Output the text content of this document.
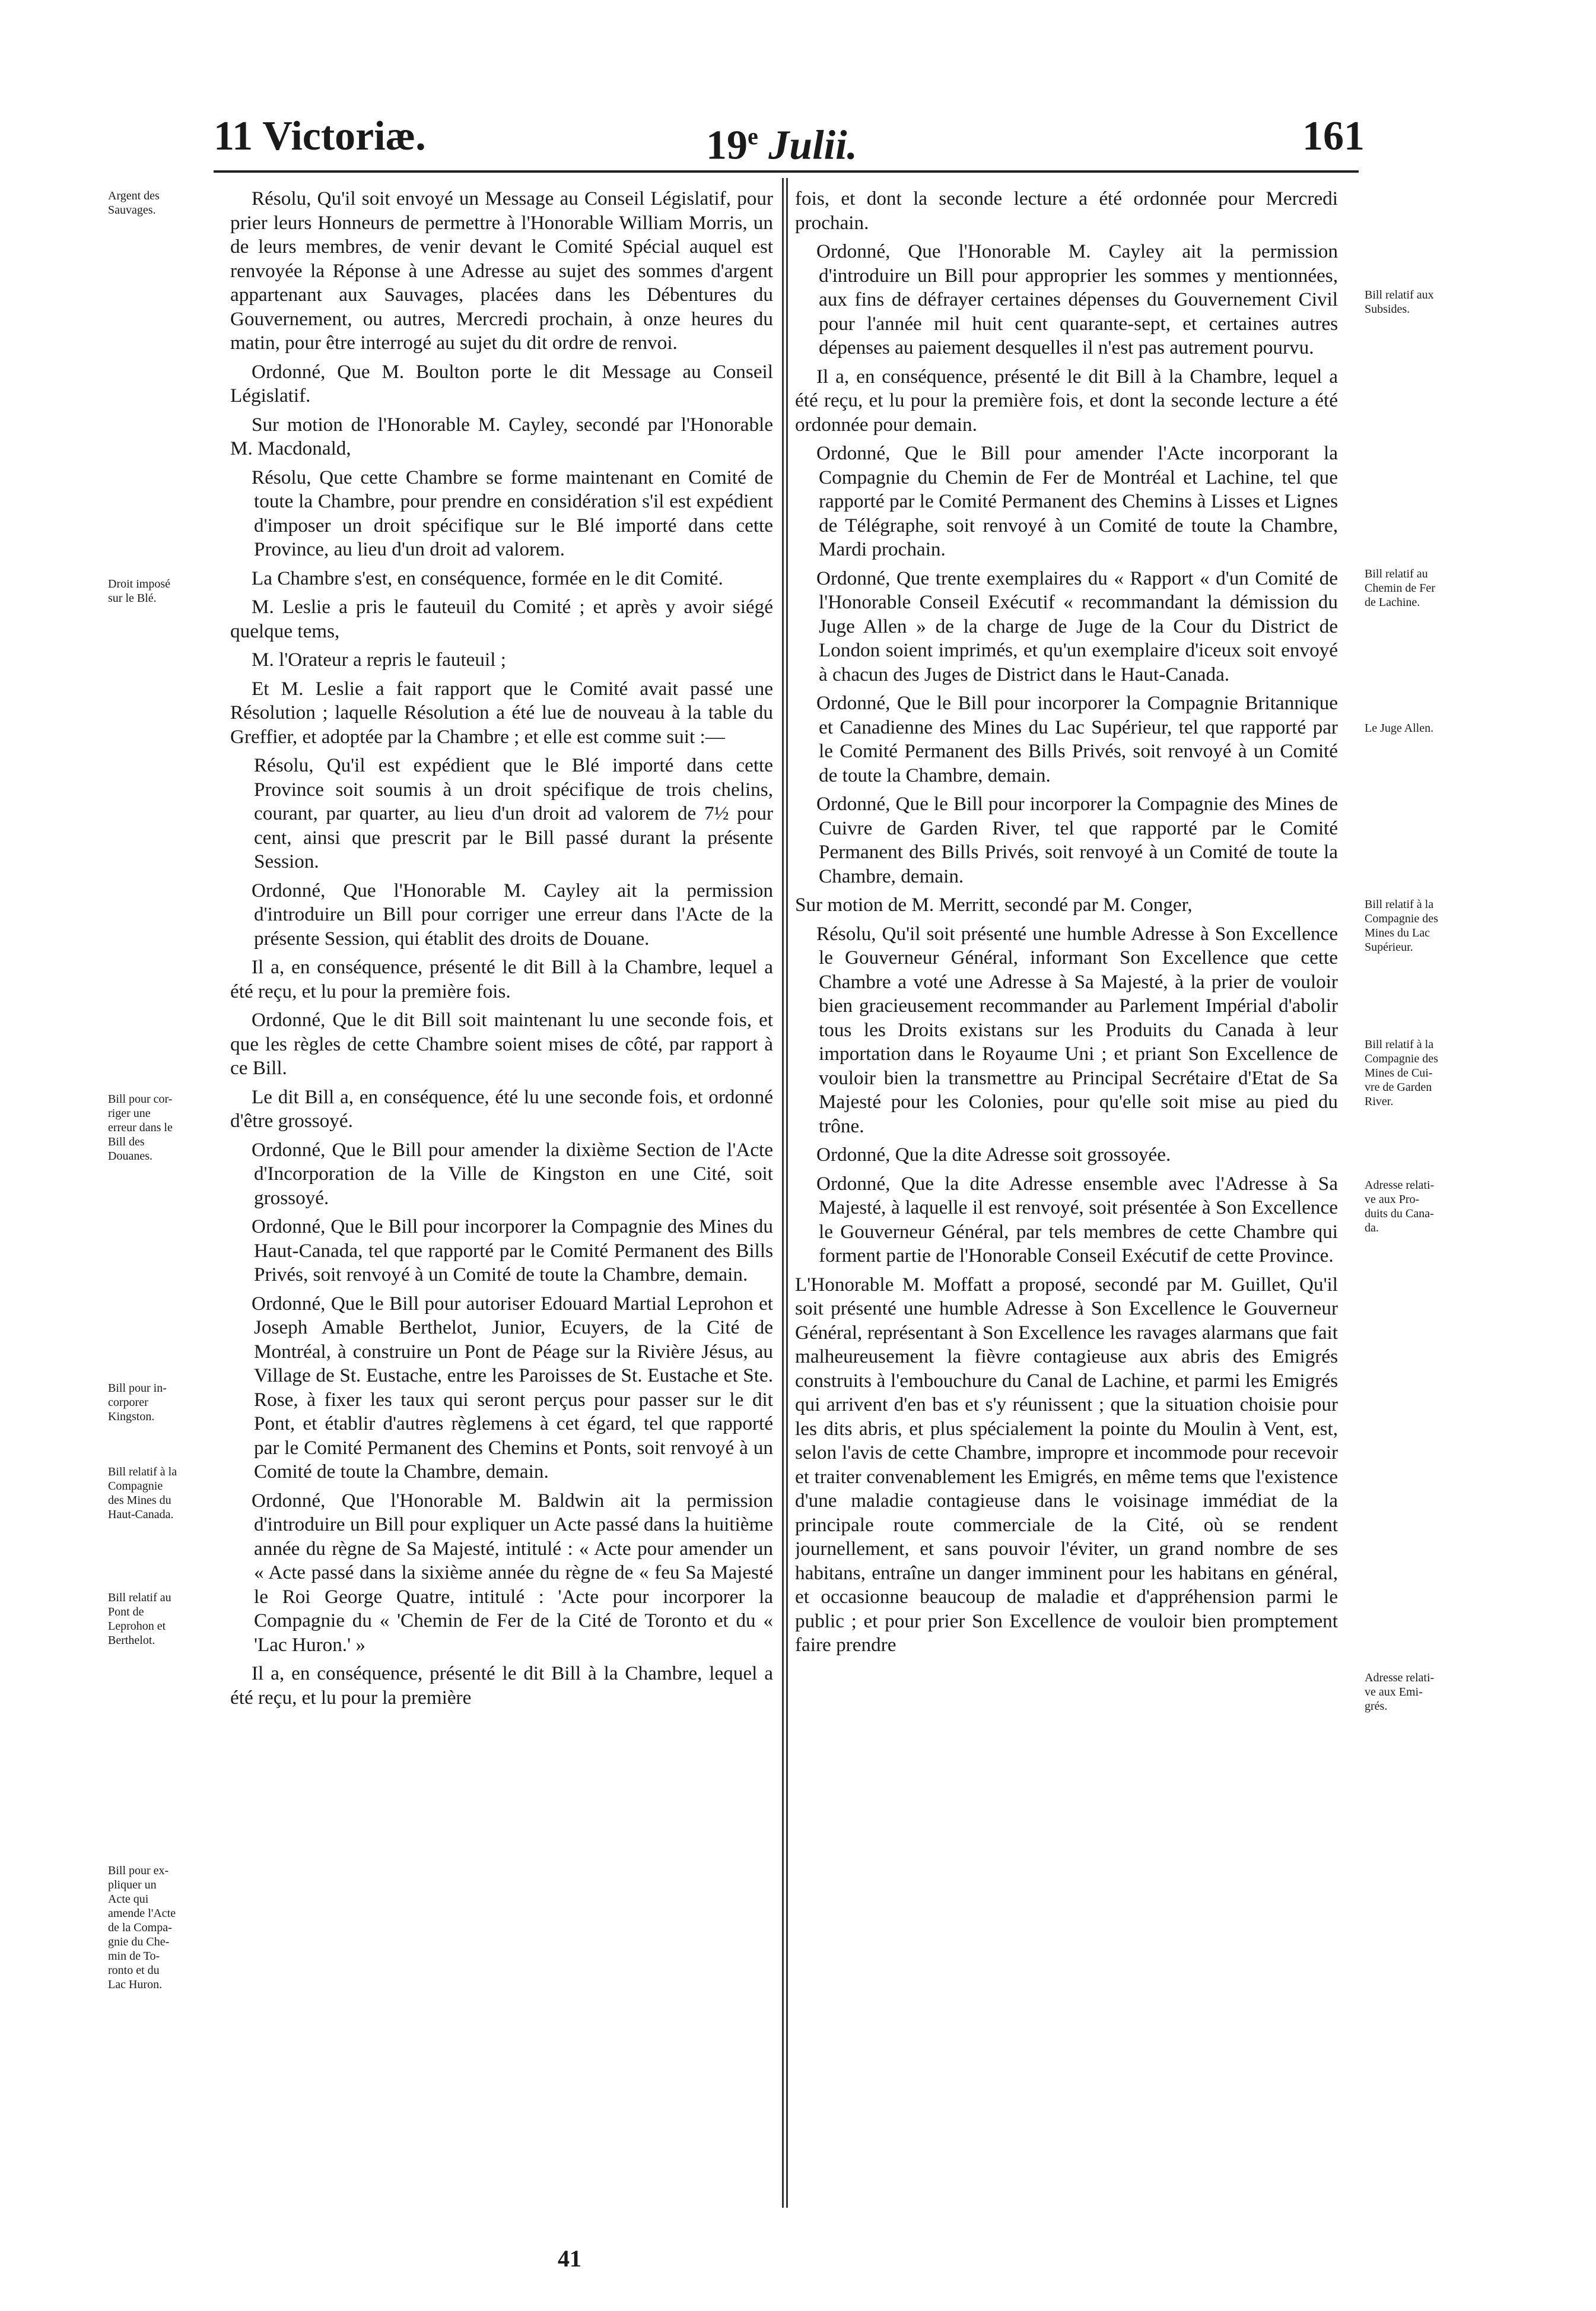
11 Victoriæ.	19e Julii.	161
Argent des
Sauvages.
Droit imposé
sur le Blé.
Bill pour cor-
riger une
erreur dans le
Bill des
Douanes.
Bill pour in-
corporer
Kingston.
Bill relatif à la
Compagnie
des Mines du
Haut-Canada.
Bill relatif au
Pont de
Leprohon et
Berthelot.
Bill pour ex-
pliquer un
Acte qui
amende l'Acte
de la Compa-
gnie du Che-
min de To-
ronto et du
Lac Huron.
Bill relatif aux
Subsides.
Bill relatif au
Chemin de Fer
de Lachine.
Le Juge Allen.
Bill relatif à la
Compagnie des
Mines du Lac
Supérieur.
Bill relatif à la
Compagnie des
Mines de Cui-
vre de Garden
River.
Adresse relati-
ve aux Pro-
duits du Cana-
da.
Adresse relati-
ve aux Emi-
grés.

Résolu, Qu'il soit envoyé un Message au Conseil Législatif, pour prier leurs Honneurs de permettre à l'Honorable William Morris, un de leurs membres, de venir devant le Comité Spécial auquel est renvoyée la Réponse à une Adresse au sujet des sommes d'argent appartenant aux Sauvages, placées dans les Débentures du Gouvernement, ou autres, Mercredi prochain, à onze heures du matin, pour être interrogé au sujet du dit ordre de renvoi.

Ordonné, Que M. Boulton porte le dit Message au Conseil Législatif.

Sur motion de l'Honorable M. Cayley, secondé par l'Honorable M. Macdonald,

Résolu, Que cette Chambre se forme maintenant en Comité de toute la Chambre, pour prendre en considération s'il est expédient d'imposer un droit spécifique sur le Blé importé dans cette Province, au lieu d'un droit ad valorem.

La Chambre s'est, en conséquence, formée en le dit Comité.

M. Leslie a pris le fauteuil du Comité ; et après y avoir siégé quelque tems,

M. l'Orateur a repris le fauteuil ;

Et M. Leslie a fait rapport que le Comité avait passé une Résolution ; laquelle Résolution a été lue de nouveau à la table du Greffier, et adoptée par la Chambre ; et elle est comme suit :—

Résolu, Qu'il est expédient que le Blé importé dans cette Province soit soumis à un droit spécifique de trois chelins, courant, par quarter, au lieu d'un droit ad valorem de 7½ pour cent, ainsi que prescrit par le Bill passé durant la présente Session.

Ordonné, Que l'Honorable M. Cayley ait la permission d'introduire un Bill pour corriger une erreur dans l'Acte de la présente Session, qui établit des droits de Douane.

Il a, en conséquence, présenté le dit Bill à la Chambre, lequel a été reçu, et lu pour la première fois.

Ordonné, Que le dit Bill soit maintenant lu une seconde fois, et que les règles de cette Chambre soient mises de côté, par rapport à ce Bill.

Le dit Bill a, en conséquence, été lu une seconde fois, et ordonné d'être grossoyé.

Ordonné, Que le Bill pour amender la dixième Section de l'Acte d'Incorporation de la Ville de Kingston en une Cité, soit grossoyé.

Ordonné, Que le Bill pour incorporer la Compagnie des Mines du Haut-Canada, tel que rapporté par le Comité Permanent des Bills Privés, soit renvoyé à un Comité de toute la Chambre, demain.

Ordonné, Que le Bill pour autoriser Edouard Martial Leprohon et Joseph Amable Berthelot, Junior, Ecuyers, de la Cité de Montréal, à construire un Pont de Péage sur la Rivière Jésus, au Village de St. Eustache, entre les Paroisses de St. Eustache et Ste. Rose, à fixer les taux qui seront perçus pour passer sur le dit Pont, et établir d'autres règlemens à cet égard, tel que rapporté par le Comité Permanent des Chemins et Ponts, soit renvoyé à un Comité de toute la Chambre, demain.

Ordonné, Que l'Honorable M. Baldwin ait la permission d'introduire un Bill pour expliquer un Acte passé dans la huitième année du règne de Sa Majesté, intitulé : « Acte pour amender un « Acte passé dans la sixième année du règne de « feu Sa Majesté le Roi George Quatre, intitulé : 'Acte pour incorporer la Compagnie du « 'Chemin de Fer de la Cité de Toronto et du « 'Lac Huron.' »

Il a, en conséquence, présenté le dit Bill à la Chambre, lequel a été reçu, et lu pour la première

fois, et dont la seconde lecture a été ordonnée pour Mercredi prochain.

Ordonné, Que l'Honorable M. Cayley ait la permission d'introduire un Bill pour approprier les sommes y mentionnées, aux fins de défrayer certaines dépenses du Gouvernement Civil pour l'année mil huit cent quarante-sept, et certaines autres dépenses au paiement desquelles il n'est pas autrement pourvu.

Il a, en conséquence, présenté le dit Bill à la Chambre, lequel a été reçu, et lu pour la première fois, et dont la seconde lecture a été ordonnée pour demain.

Ordonné, Que le Bill pour amender l'Acte incorporant la Compagnie du Chemin de Fer de Montréal et Lachine, tel que rapporté par le Comité Permanent des Chemins à Lisses et Lignes de Télégraphe, soit renvoyé à un Comité de toute la Chambre, Mardi prochain.

Ordonné, Que trente exemplaires du « Rapport « d'un Comité de l'Honorable Conseil Exécutif « recommandant la démission du Juge Allen » de la charge de Juge de la Cour du District de London soient imprimés, et qu'un exemplaire d'iceux soit envoyé à chacun des Juges de District dans le Haut-Canada.

Ordonné, Que le Bill pour incorporer la Compagnie Britannique et Canadienne des Mines du Lac Supérieur, tel que rapporté par le Comité Permanent des Bills Privés, soit renvoyé à un Comité de toute la Chambre, demain.

Ordonné, Que le Bill pour incorporer la Compagnie des Mines de Cuivre de Garden River, tel que rapporté par le Comité Permanent des Bills Privés, soit renvoyé à un Comité de toute la Chambre, demain.

Sur motion de M. Merritt, secondé par M. Conger,

Résolu, Qu'il soit présenté une humble Adresse à Son Excellence le Gouverneur Général, informant Son Excellence que cette Chambre a voté une Adresse à Sa Majesté, à la prier de vouloir bien gracieusement recommander au Parlement Impérial d'abolir tous les Droits existans sur les Produits du Canada à leur importation dans le Royaume Uni ; et priant Son Excellence de vouloir bien la transmettre au Principal Secrétaire d'Etat de Sa Majesté pour les Colonies, pour qu'elle soit mise au pied du trône.

Ordonné, Que la dite Adresse soit grossoyée.

Ordonné, Que la dite Adresse ensemble avec l'Adresse à Sa Majesté, à laquelle il est renvoyé, soit présentée à Son Excellence le Gouverneur Général, par tels membres de cette Chambre qui forment partie de l'Honorable Conseil Exécutif de cette Province.

L'Honorable M. Moffatt a proposé, secondé par M. Guillet, Qu'il soit présenté une humble Adresse à Son Excellence le Gouverneur Général, représentant à Son Excellence les ravages alarmans que fait malheureusement la fièvre contagieuse aux abris des Emigrés construits à l'embouchure du Canal de Lachine, et parmi les Emigrés qui arrivent d'en bas et s'y réunissent ; que la situation choisie pour les dits abris, et plus spécialement la pointe du Moulin à Vent, est, selon l'avis de cette Chambre, impropre et incommode pour recevoir et traiter convenablement les Emigrés, en même tems que l'existence d'une maladie contagieuse dans le voisinage immédiat de la principale route commerciale de la Cité, où se rendent journellement, et sans pouvoir l'éviter, un grand nombre de ses habitans, entraîne un danger imminent pour les habitans en général, et occasionne beaucoup de maladie et d'appréhension parmi le public ; et pour prier Son Excellence de vouloir bien promptement faire prendre

41
